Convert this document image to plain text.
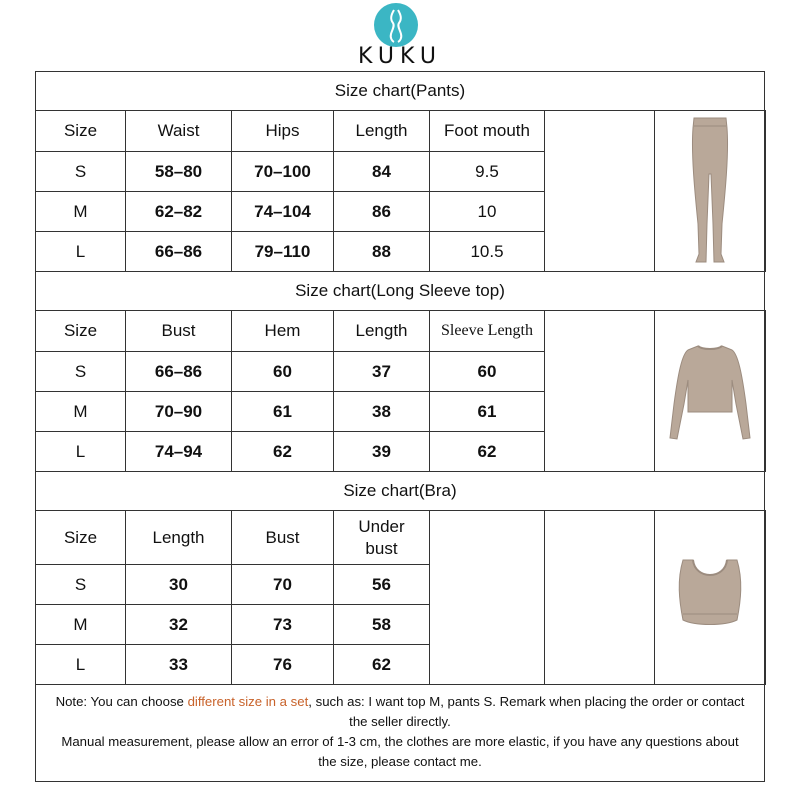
KUKU
Size chart(Pants)
Size	Waist	Hips	Length	Foot mouth		
S	58–80	70–100	84	9.5		
M	62–82	74–104	86	10		
L	66–86	79–110	88	10.5		
Size chart(Long Sleeve top)
Size	Bust	Hem	Length	Sleeve Length		
S	66–86	60	37	60		
M	70–90	61	38	61		
L	74–94	62	39	62		
Size chart(Bra)
Size	Length	Bust	Under bust			
S	30	70	56			
M	32	73	58			
L	33	76	62			
Note: You can choose different size in a set, such as: I want top M, pants S. Remark when placing the order or contact the seller directly.
Manual measurement, please allow an error of 1-3 cm, the clothes are more elastic, if you have any questions about the size, please contact me.
